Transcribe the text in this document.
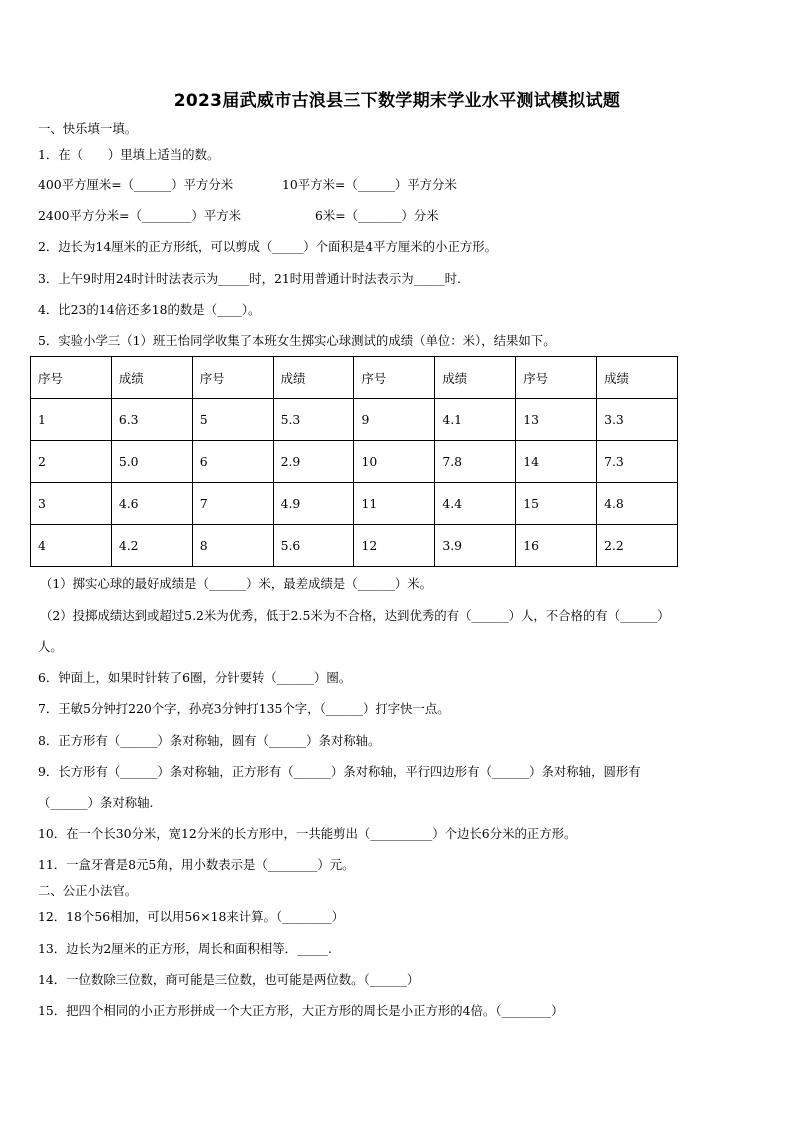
2023届武威市古浪县三下数学期末学业水平测试模拟试题
一、快乐填一填。
1．在（　　）里填上适当的数。
400平方厘米=（______）平方分米	10平方米=（______）平方分米
2400平方分米=（________）平方米	6米=（_______）分米
2．边长为14厘米的正方形纸，可以剪成（_____）个面积是4平方厘米的小正方形。
3．上午9时用24时计时法表示为_____时，21时用普通计时法表示为_____时.
4．比23的14倍还多18的数是（____）。
5．实验小学三（1）班王怡同学收集了本班女生掷实心球测试的成绩（单位：米），结果如下。
序号	成绩	序号	成绩	序号	成绩	序号	成绩
1	6.3	5	5.3	9	4.1	13	3.3
2	5.0	6	2.9	10	7.8	14	7.3
3	4.6	7	4.9	11	4.4	15	4.8
4	4.2	8	5.6	12	3.9	16	2.2
（1）掷实心球的最好成绩是（______）米，最差成绩是（______）米。
（2）投掷成绩达到或超过5.2米为优秀，低于2.5米为不合格，达到优秀的有（______）人，不合格的有（______）
人。
6．钟面上，如果时针转了6圈，分针要转（______）圈。
7．王敏5分钟打220个字，孙亮3分钟打135个字，（______）打字快一点。
8．正方形有（______）条对称轴，圆有（______）条对称轴。
9．长方形有（______）条对称轴，正方形有（______）条对称轴，平行四边形有（______）条对称轴，圆形有
（______）条对称轴.
10．在一个长30分米，宽12分米的长方形中，一共能剪出（__________）个边长6分米的正方形。
11．一盒牙膏是8元5角，用小数表示是（________）元。
二、公正小法官。
12．18个56相加，可以用56×18来计算。（________）
13．边长为2厘米的正方形，周长和面积相等．_____.
14．一位数除三位数，商可能是三位数，也可能是两位数。（______）
15．把四个相同的小正方形拼成一个大正方形，大正方形的周长是小正方形的4倍。（________）
